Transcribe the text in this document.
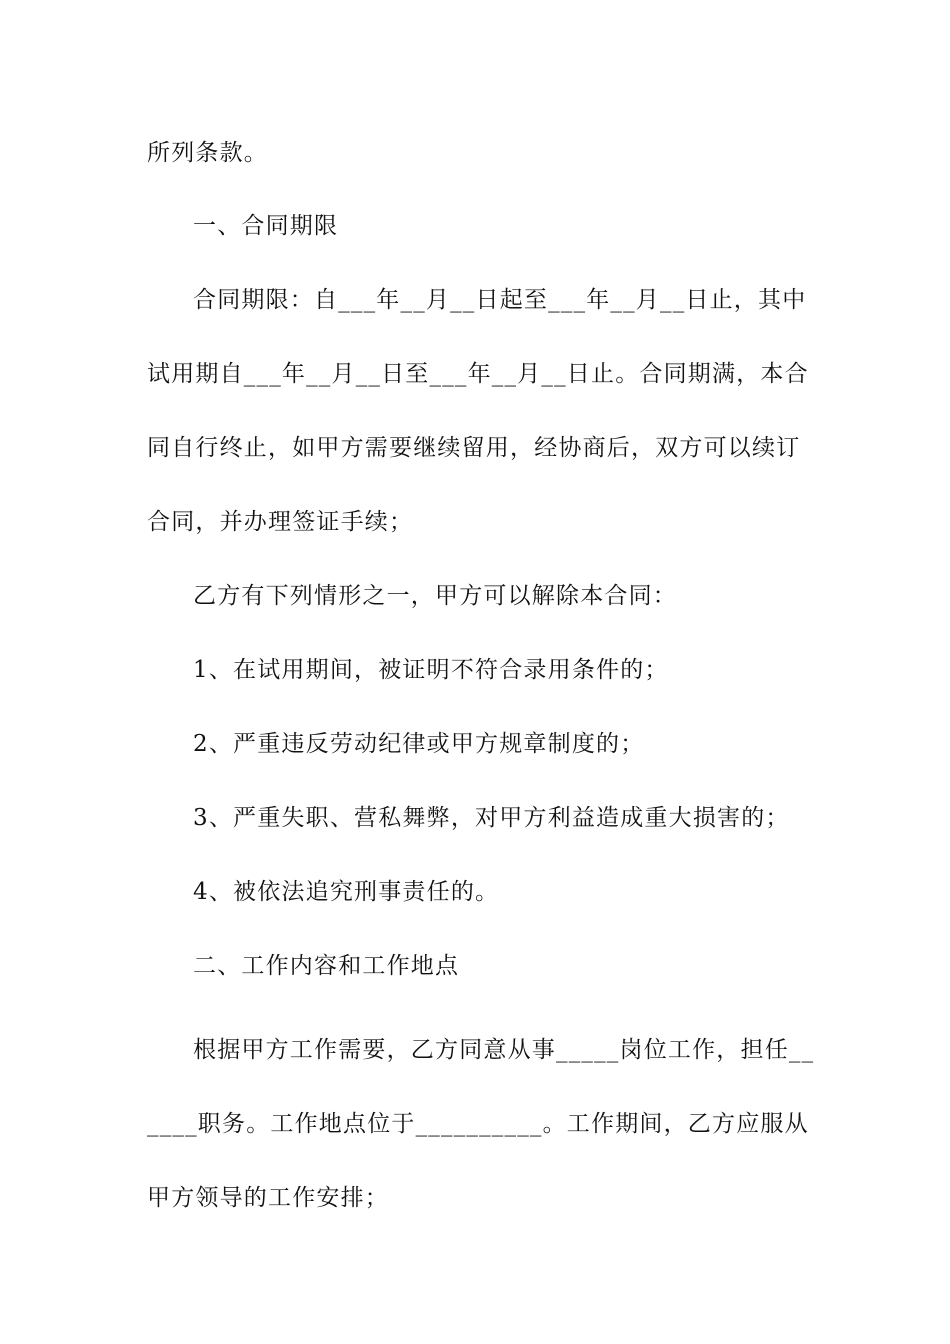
所列条款。
一、合同期限
合同期限：自___年__月__日起至___年__月__日止，其中
试用期自___年__月__日至___年__月__日止。合同期满，本合
同自行终止，如甲方需要继续留用，经协商后，双方可以续订
合同，并办理签证手续；
乙方有下列情形之一，甲方可以解除本合同：
1、在试用期间，被证明不符合录用条件的；
2、严重违反劳动纪律或甲方规章制度的；
3、严重失职、营私舞弊，对甲方利益造成重大损害的；
4、被依法追究刑事责任的。
二、工作内容和工作地点
根据甲方工作需要，乙方同意从事_____岗位工作，担任__
____职务。工作地点位于__________。工作期间，乙方应服从
甲方领导的工作安排；
